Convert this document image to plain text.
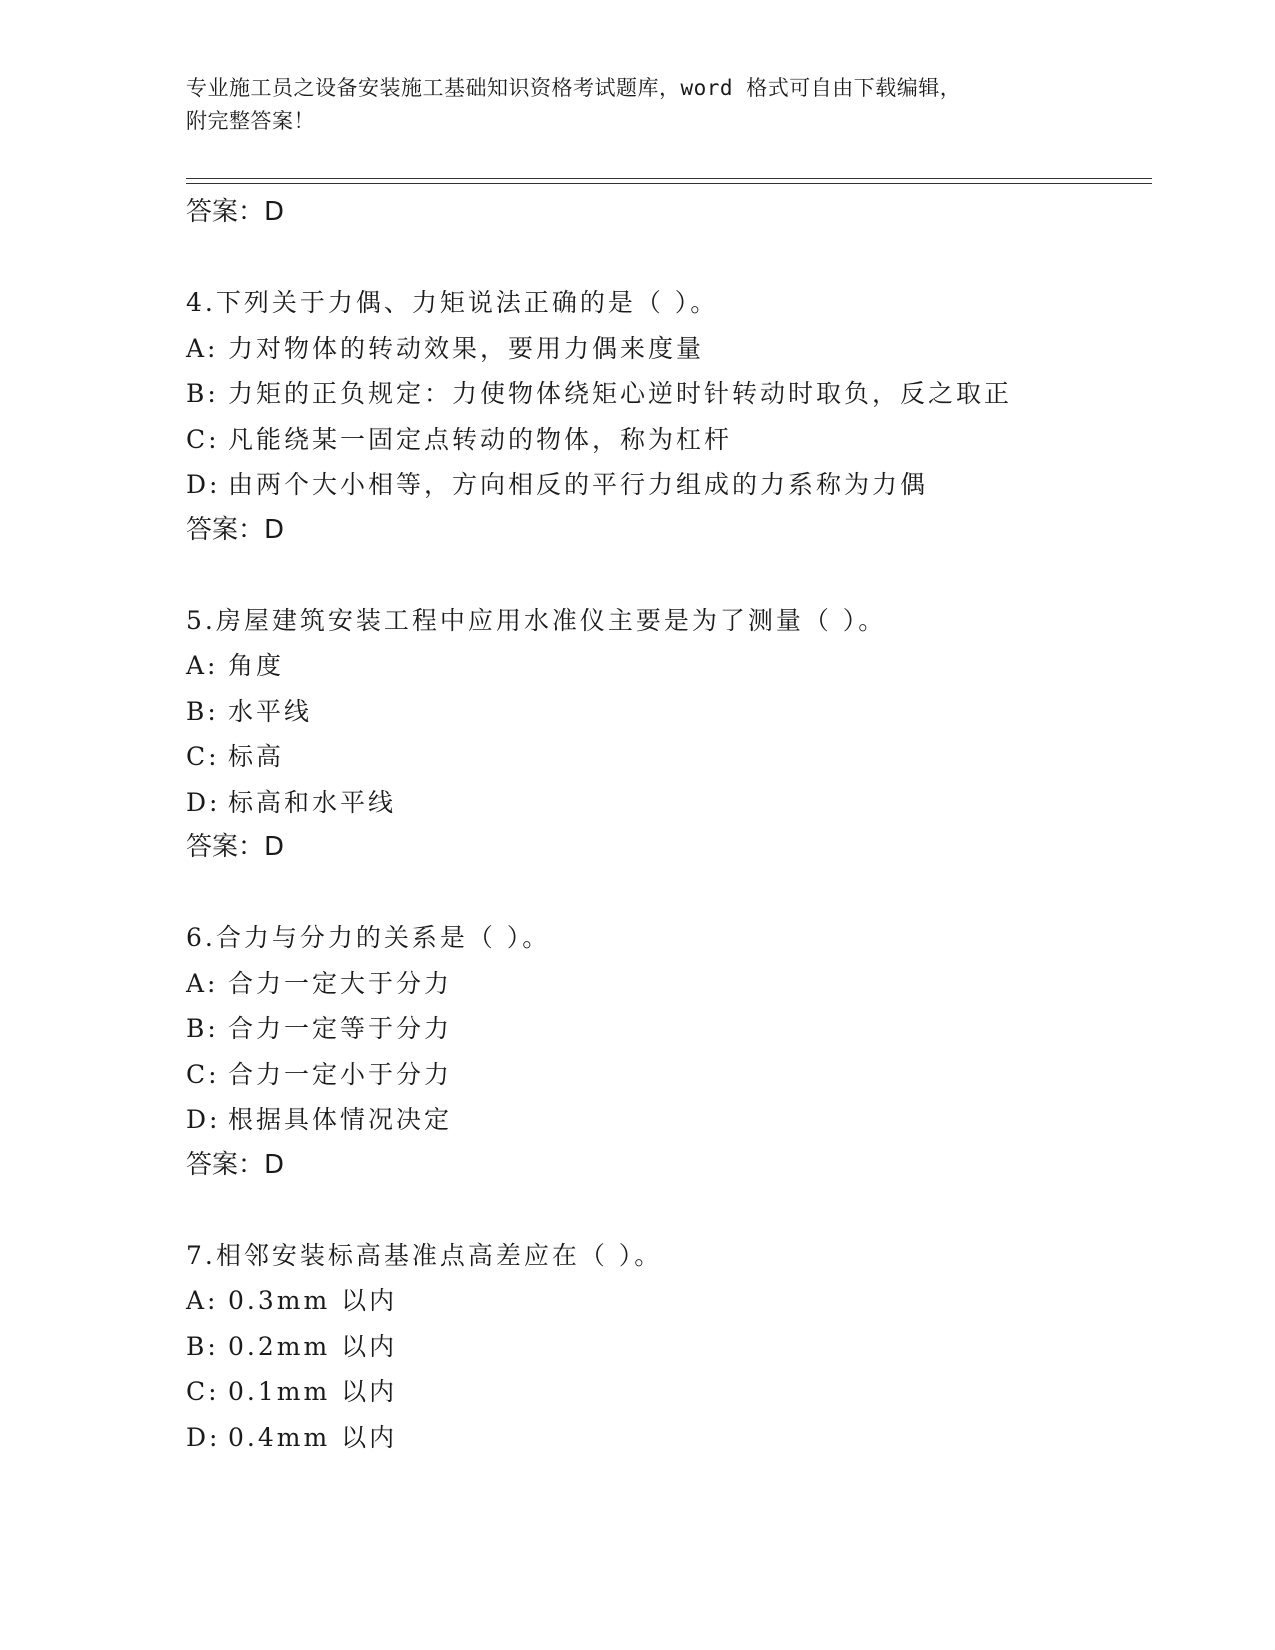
专业施工员之设备安装施工基础知识资格考试题库，word 格式可自由下载编辑，
附完整答案！
答案：D
4.下列关于力偶、力矩说法正确的是（ ）。
A: 力对物体的转动效果，要用力偶来度量
B: 力矩的正负规定：力使物体绕矩心逆时针转动时取负，反之取正
C: 凡能绕某一固定点转动的物体，称为杠杆
D: 由两个大小相等，方向相反的平行力组成的力系称为力偶
答案：D
5.房屋建筑安装工程中应用水准仪主要是为了测量（ ）。
A: 角度
B: 水平线
C: 标高
D: 标高和水平线
答案：D
6.合力与分力的关系是（ ）。
A: 合力一定大于分力
B: 合力一定等于分力
C: 合力一定小于分力
D: 根据具体情况决定
答案：D
7.相邻安装标高基准点高差应在（ ）。
A: 0.3mm 以内
B: 0.2mm 以内
C: 0.1mm 以内
D: 0.4mm 以内
